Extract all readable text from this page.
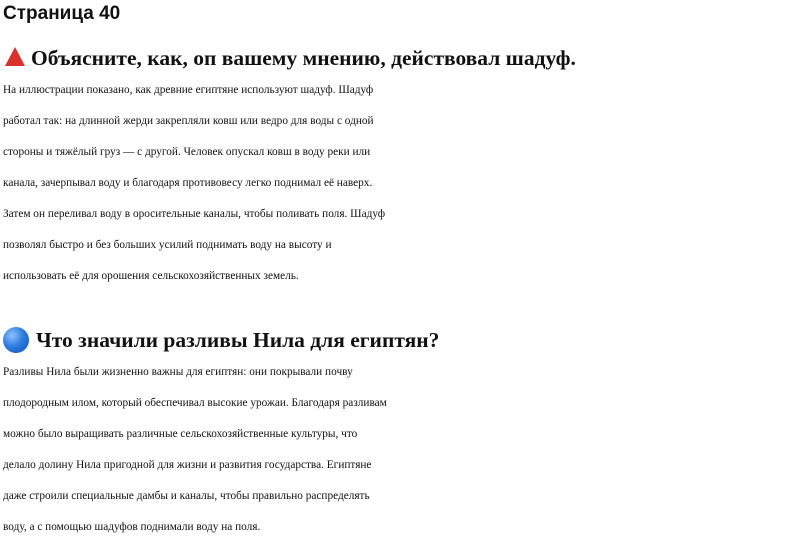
Страница 40
Объясните, как, оп вашему мнению, действовал шадуф.

На иллюстрации показано, как древние египтяне используют шадуф. Шадуф

работал так: на длинной жерди закрепляли ковш или ведро для воды с одной

стороны и тяжёлый груз — с другой. Человек опускал ковш в воду реки или

канала, зачерпывал воду и благодаря противовесу легко поднимал её наверх.

Затем он переливал воду в оросительные каналы, чтобы поливать поля. Шадуф

позволял быстро и без больших усилий поднимать воду на высоту и

использовать её для орошения сельскохозяйственных земель.

Что значили разливы Нила для египтян?

Разливы Нила были жизненно важны для египтян: они покрывали почву

плодородным илом, который обеспечивал высокие урожаи. Благодаря разливам

можно было выращивать различные сельскохозяйственные культуры, что

делало долину Нила пригодной для жизни и развития государства. Египтяне

даже строили специальные дамбы и каналы, чтобы правильно распределять

воду, а с помощью шадуфов поднимали воду на поля.
